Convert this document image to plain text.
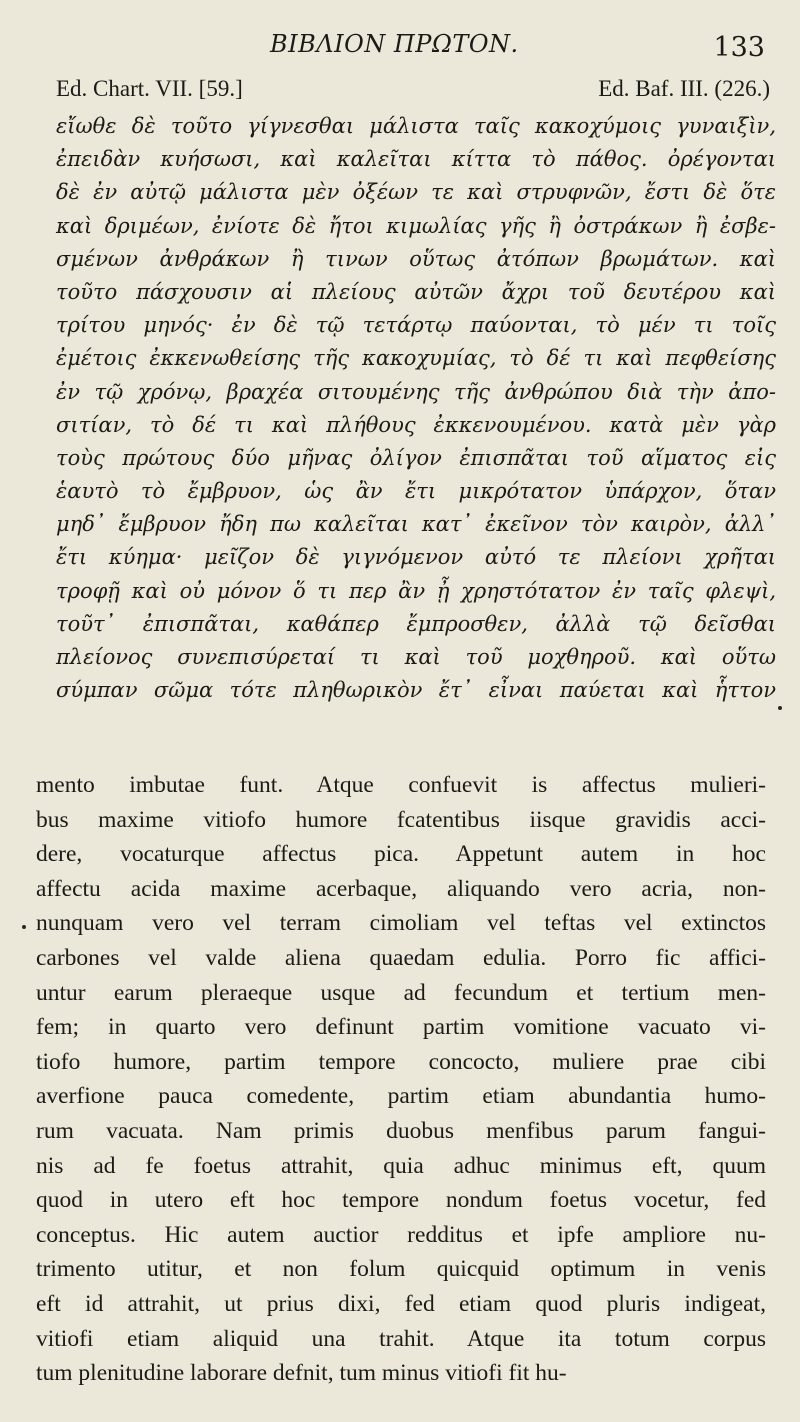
ΒΙΒΛΙΟΝ ΠΡΩΤΟΝ.	133
Ed. Chart. VII. [59.]	Ed. Baf. III. (226.)
εἴωθε δὲ τοῦτο γίγνεσθαι μάλιστα ταῖς κακοχύμοις γυναιξὶν,
ἐπειδὰν κυήσωσι, καὶ καλεῖται κίττα τὸ πάθος. ὀρέγονται
δὲ ἐν αὐτῷ μάλιστα μὲν ὀξέων τε καὶ στρυφνῶν, ἔστι δὲ ὅτε
καὶ δριμέων, ἐνίοτε δὲ ἤτοι κιμωλίας γῆς ἢ ὀστράκων ἢ ἐσβε-
σμένων ἀνθράκων ἢ τινων οὕτως ἀτόπων βρωμάτων. καὶ
τοῦτο πάσχουσιν αἱ πλείους αὐτῶν ἄχρι τοῦ δευτέρου καὶ
τρίτου μηνός· ἐν δὲ τῷ τετάρτῳ παύονται, τὸ μέν τι τοῖς
ἐμέτοις ἐκκενωθείσης τῆς κακοχυμίας, τὸ δέ τι καὶ πεφθείσης
ἐν τῷ χρόνῳ, βραχέα σιτουμένης τῆς ἀνθρώπου διὰ τὴν ἀπο-
σιτίαν, τὸ δέ τι καὶ πλήθους ἐκκενουμένου. κατὰ μὲν γὰρ
τοὺς πρώτους δύο μῆνας ὀλίγον ἐπισπᾶται τοῦ αἵματος εἰς
ἑαυτὸ τὸ ἔμβρυον, ὡς ἂν ἔτι μικρότατον ὑπάρχον, ὅταν
μηδ᾿ ἔμβρυον ἤδη πω καλεῖται κατ᾿ ἐκεῖνον τὸν καιρὸν, ἀλλ᾿
ἔτι κύημα· μεῖζον δὲ γιγνόμενον αὐτό τε πλείονι χρῆται
τροφῇ καὶ οὐ μόνον ὅ τι περ ἂν ᾖ χρηστότατον ἐν ταῖς φλεψὶ,
τοῦτ᾿ ἐπισπᾶται, καθάπερ ἔμπροσθεν, ἀλλὰ τῷ δεῖσθαι
πλείονος συνεπισύρεταί τι καὶ τοῦ μοχθηροῦ. καὶ οὕτω
σύμπαν σῶμα τότε πληθωρικὸν ἔτ᾿ εἶναι παύεται καὶ ἧττον
mento imbutae funt. Atque confuevit is affectus mulieri-
bus maxime vitiofo humore fcatentibus iisque gravidis acci-
dere, vocaturque affectus pica. Appetunt autem in hoc
affectu acida maxime acerbaque, aliquando vero acria, non-
nunquam vero vel terram cimoliam vel teftas vel extinctos
carbones vel valde aliena quaedam edulia. Porro fic affici-
untur earum pleraeque usque ad fecundum et tertium men-
fem; in quarto vero definunt partim vomitione vacuato vi-
tiofo humore, partim tempore concocto, muliere prae cibi
averfione pauca comedente, partim etiam abundantia humo-
rum vacuata. Nam primis duobus menfibus parum fangui-
nis ad fe foetus attrahit, quia adhuc minimus eft, quum
quod in utero eft hoc tempore nondum foetus vocetur, fed
conceptus. Hic autem auctior redditus et ipfe ampliore nu-
trimento utitur, et non folum quicquid optimum in venis
eft id attrahit, ut prius dixi, fed etiam quod pluris indigeat,
vitiofi etiam aliquid una trahit. Atque ita totum corpus
tum plenitudine laborare defnit, tum minus vitiofi fit hu-
